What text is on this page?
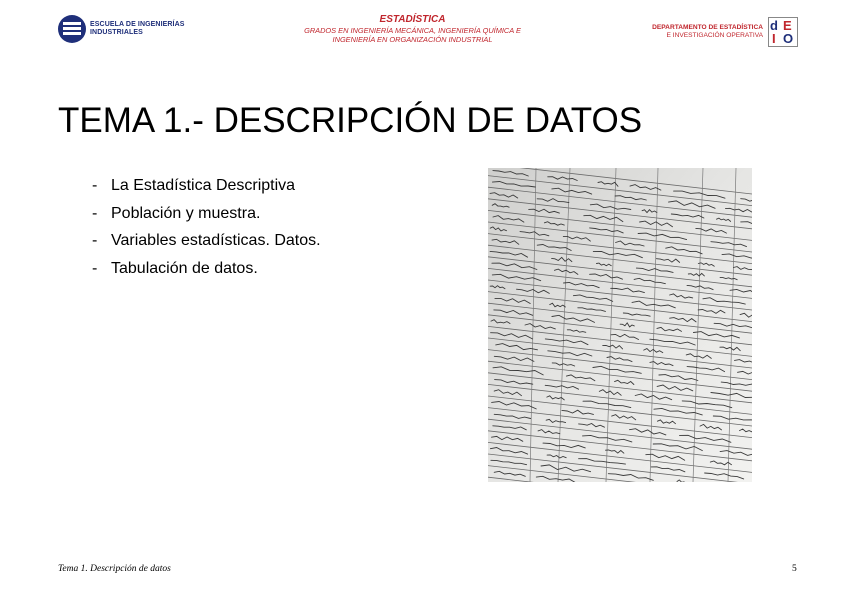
ESCUELA DE INGENIERÍAS
INDUSTRIALES
ESTADÍSTICA
GRADOS EN INGENIERÍA MECÁNICA, INGENIERÍA QUÍMICA E
INGENIERÍA EN ORGANIZACIÓN INDUSTRIAL
DEPARTAMENTO DE ESTADÍSTICA
E INVESTIGACIÓN OPERATIVA
d E
I O
TEMA 1.- DESCRIPCIÓN DE DATOS
- La Estadística Descriptiva
- Población y muestra.
- Variables estadísticas. Datos.
- Tabulación de datos.
Tema 1. Descripción de datos	5
